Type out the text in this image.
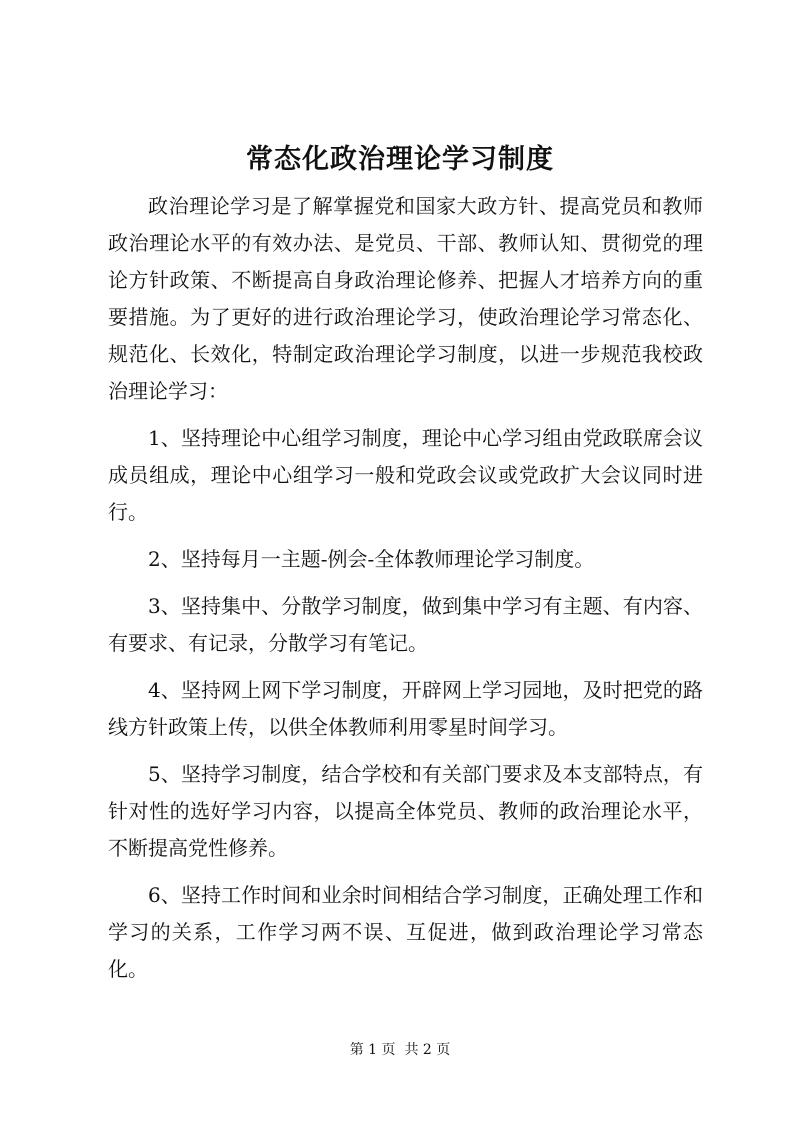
常态化政治理论学习制度

政治理论学习是了解掌握党和国家大政方针、提高党员和教师政治理论水平的有效办法、是党员、干部、教师认知、贯彻党的理论方针政策、不断提高自身政治理论修养、把握人才培养方向的重要措施。为了更好的进行政治理论学习，使政治理论学习常态化、规范化、长效化，特制定政治理论学习制度，以进一步规范我校政治理论学习：

1、坚持理论中心组学习制度，理论中心学习组由党政联席会议成员组成，理论中心组学习一般和党政会议或党政扩大会议同时进行。

2、坚持每月一主题-例会-全体教师理论学习制度。

3、坚持集中、分散学习制度，做到集中学习有主题、有内容、有要求、有记录，分散学习有笔记。

4、坚持网上网下学习制度，开辟网上学习园地，及时把党的路线方针政策上传，以供全体教师利用零星时间学习。

5、坚持学习制度，结合学校和有关部门要求及本支部特点，有针对性的选好学习内容，以提高全体党员、教师的政治理论水平，不断提高党性修养。

6、坚持工作时间和业余时间相结合学习制度，正确处理工作和学习的关系，工作学习两不误、互促进，做到政治理论学习常态化。

第 1 页  共 2 页
